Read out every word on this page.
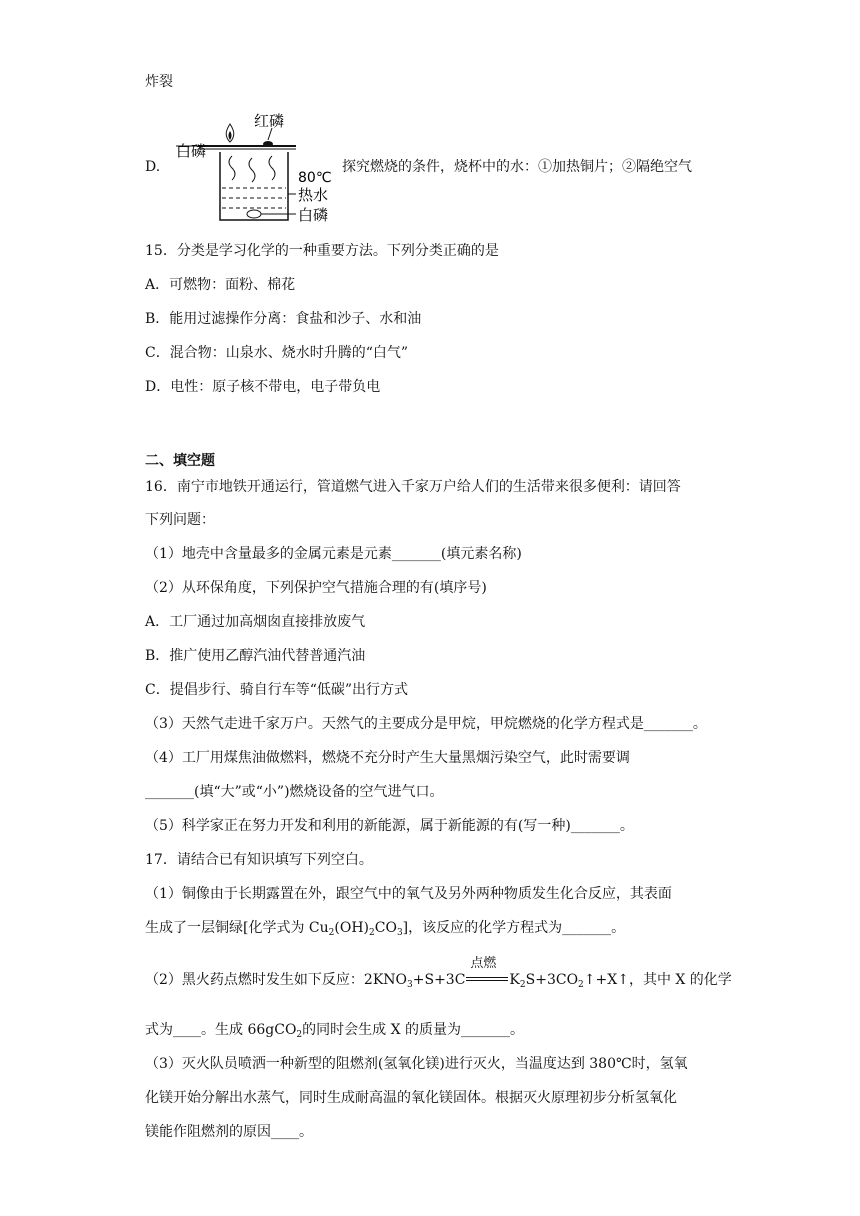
炸裂
红磷
白磷
80℃
热水
白磷
D.	探究燃烧的条件，烧杯中的水：①加热铜片；②隔绝空气
15．分类是学习化学的一种重要方法。下列分类正确的是
A．可燃物：面粉、棉花
B．能用过滤操作分离：食盐和沙子、水和油
C．混合物：山泉水、烧水时升腾的“白气”
D．电性：原子核不带电，电子带负电
二、填空题
16．南宁市地铁开通运行，管道燃气进入千家万户给人们的生活带来很多便利：请回答
下列问题：
（1）地壳中含量最多的金属元素是元素_______(填元素名称)
（2）从环保角度，下列保护空气措施合理的有(填序号)
A．工厂通过加高烟囱直接排放废气
B．推广使用乙醇汽油代替普通汽油
C．提倡步行、骑自行车等“低碳”出行方式
（3）天然气走进千家万户。天然气的主要成分是甲烷，甲烷燃烧的化学方程式是_______。
（4）工厂用煤焦油做燃料，燃烧不充分时产生大量黑烟污染空气，此时需要调
_______(填“大”或“小”)燃烧设备的空气进气口。
（5）科学家正在努力开发和利用的新能源，属于新能源的有(写一种)_______。
17．请结合已有知识填写下列空白。
（1）铜像由于长期露置在外，跟空气中的氧气及另外两种物质发生化合反应，其表面
生成了一层铜绿[化学式为 $Cu_2(OH)_2CO_3$]，该反应的化学方程式为_______。
（2）黑火药点燃时发生如下反应：$2KNO_3+S+3C$
点燃
$K_2S+3CO_2↑+X↑$，其中 X 的化学
式为____。生成 66gCO$_2$的同时会生成 X 的质量为_______。
（3）灭火队员喷洒一种新型的阻燃剂(氢氧化镁)进行灭火，当温度达到 380℃时，氢氧
化镁开始分解出水蒸气，同时生成耐高温的氧化镁固体。根据灭火原理初步分析氢氧化
镁能作阻燃剂的原因____。
